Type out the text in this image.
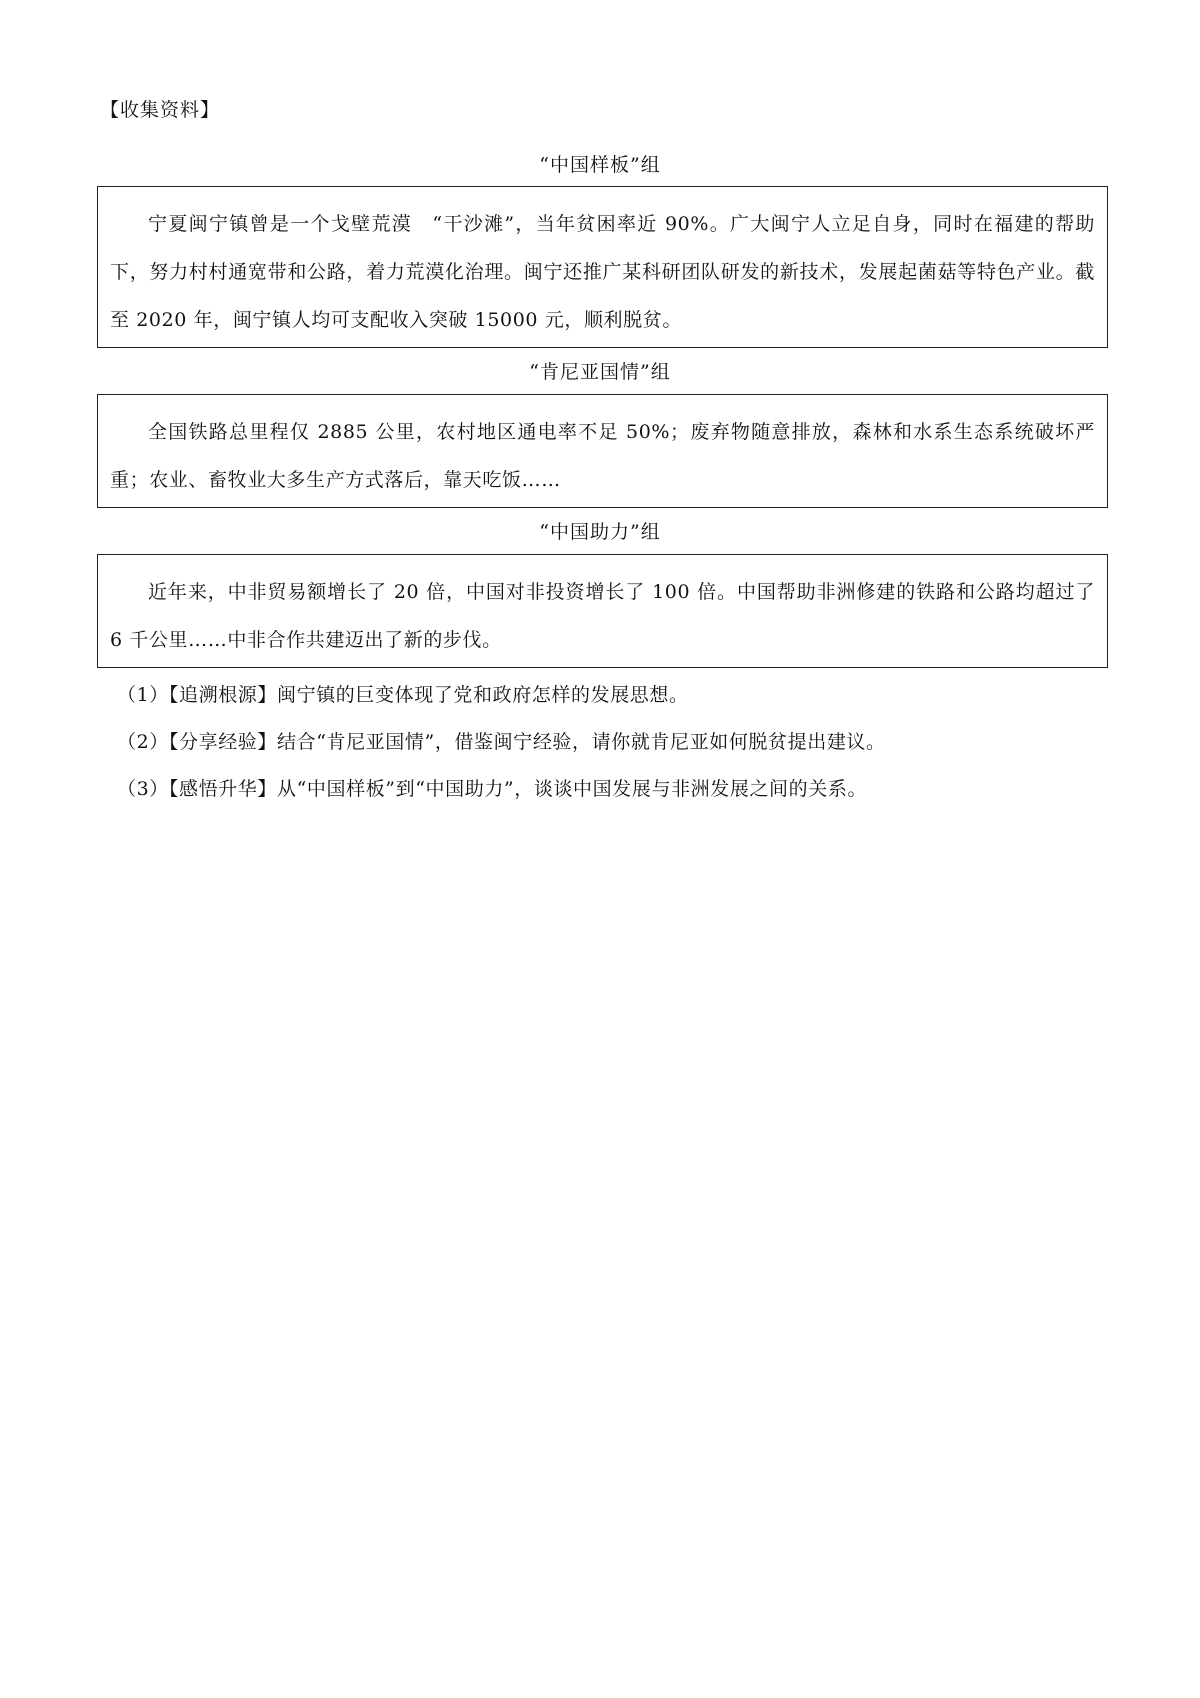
【收集资料】
“中国样板”组

宁夏闽宁镇曾是一个戈壁荒漠　“干沙滩”，当年贫困率近 90%。广大闽宁人立足自身，同时在福建的帮助下，努力村村通宽带和公路，着力荒漠化治理。闽宁还推广某科研团队研发的新技术，发展起菌菇等特色产业。截至 2020 年，闽宁镇人均可支配收入突破 15000 元，顺利脱贫。

“肯尼亚国情”组

全国铁路总里程仅 2885 公里，农村地区通电率不足 50%；废弃物随意排放，森林和水系生态系统破坏严重；农业、畜牧业大多生产方式落后，靠天吃饭……

“中国助力”组

近年来，中非贸易额增长了 20 倍，中国对非投资增长了 100 倍。中国帮助非洲修建的铁路和公路均超过了 6 千公里……中非合作共建迈出了新的步伐。

（1）【追溯根源】闽宁镇的巨变体现了党和政府怎样的发展思想。
（2）【分享经验】结合“肯尼亚国情”，借鉴闽宁经验，请你就肯尼亚如何脱贫提出建议。
（3）【感悟升华】从“中国样板”到“中国助力”，谈谈中国发展与非洲发展之间的关系。
